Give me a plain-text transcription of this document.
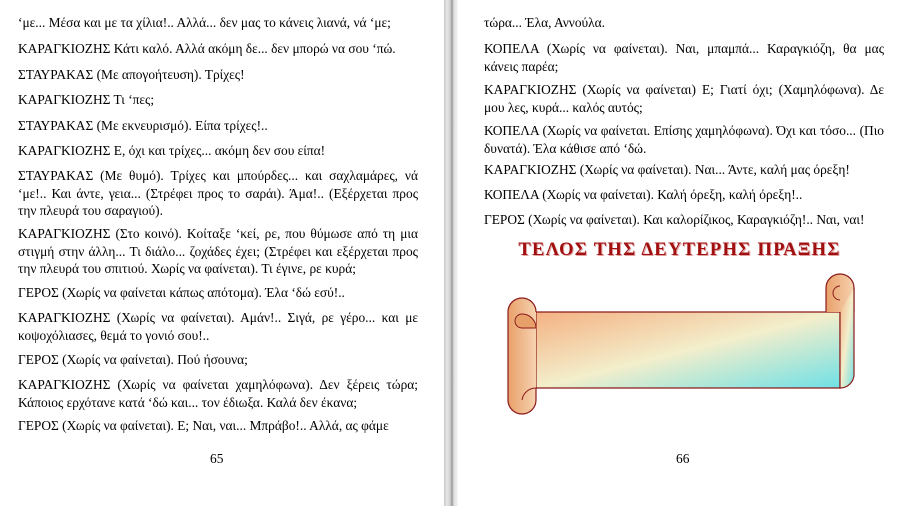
‘με... Μέσα και με τα χίλια!.. Αλλά... δεν μας το κάνεις λιανά, νά ‘με;

ΚΑΡΑΓΚΙΟΖΗΣ Κάτι καλό. Αλλά ακόμη δε... δεν μπορώ να σου ‘πώ.

ΣΤΑΥΡΑΚΑΣ (Με απογοήτευση). Τρίχες!

ΚΑΡΑΓΚΙΟΖΗΣ Τι ‘πες;

ΣΤΑΥΡΑΚΑΣ (Με εκνευρισμό). Είπα τρίχες!..

ΚΑΡΑΓΚΙΟΖΗΣ Ε, όχι και τρίχες... ακόμη δεν σου είπα!

ΣΤΑΥΡΑΚΑΣ (Με θυμό). Τρίχες και μπούρδες... και σαχλαμάρες, νά ‘με!.. Και άντε, γεια... (Στρέφει προς το σαράι). Άμα!.. (Εξέρχεται προς την πλευρά του σαραγιού).

ΚΑΡΑΓΚΙΟΖΗΣ (Στο κοινό). Κοίταξε ‘κεί, ρε, που θύμωσε από τη μια στιγμή στην άλλη... Τι διάλο... ζοχάδες έχει; (Στρέφει και εξέρχεται προς την πλευρά του σπιτιού. Χωρίς να φαίνεται). Τι έγινε, ρε κυρά;

ΓΕΡΟΣ (Χωρίς να φαίνεται κάπως απότομα). Έλα ‘δώ εσύ!..

ΚΑΡΑΓΚΙΟΖΗΣ (Χωρίς να φαίνεται). Αμάν!.. Σιγά, ρε γέρο... και με κοψοχόλιασες, θεμά το γονιό σου!..

ΓΕΡΟΣ (Χωρίς να φαίνεται). Πού ήσουνα;

ΚΑΡΑΓΚΙΟΖΗΣ (Χωρίς να φαίνεται χαμηλόφωνα). Δεν ξέρεις τώρα; Κάποιος ερχότανε κατά ‘δώ και... τον έδιωξα. Καλά δεν έκανα;

ΓΕΡΟΣ (Χωρίς να φαίνεται). Ε; Ναι, ναι... Μπράβο!.. Αλλά, ας φάμε

65

τώρα... Έλα, Αννούλα.

ΚΟΠΕΛΑ (Χωρίς να φαίνεται). Ναι, μπαμπά... Καραγκιόζη, θα μας κάνεις παρέα;

ΚΑΡΑΓΚΙΟΖΗΣ (Χωρίς να φαίνεται) Ε; Γιατί όχι; (Χαμηλόφωνα). Δε μου λες, κυρά... καλός αυτός;

ΚΟΠΕΛΑ (Χωρίς να φαίνεται. Επίσης χαμηλόφωνα). Όχι και τόσο... (Πιο δυνατά). Έλα κάθισε από ‘δώ.

ΚΑΡΑΓΚΙΟΖΗΣ (Χωρίς να φαίνεται). Ναι... Άντε, καλή μας όρεξη!

ΚΟΠΕΛΑ (Χωρίς να φαίνεται). Καλή όρεξη, καλή όρεξη!..

ΓΕΡΟΣ (Χωρίς να φαίνεται). Και καλορίζικος, Καραγκιόζη!.. Ναι, ναι!

ΤΕΛΟΣ ΤΗΣ ΔΕΥΤΕΡΗΣ ΠΡΑΞΗΣ
66
